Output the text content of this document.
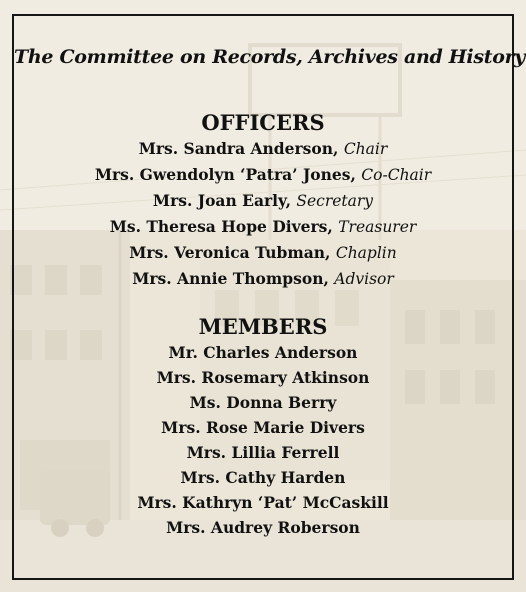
The Committee on Records, Archives and History
OFFICERS
Mrs. Sandra Anderson, Chair
Mrs. Gwendolyn ‘Patra’ Jones, Co-Chair
Mrs. Joan Early, Secretary
Ms. Theresa Hope Divers, Treasurer
Mrs. Veronica Tubman, Chaplin
Mrs. Annie Thompson, Advisor
MEMBERS
Mr. Charles Anderson
Mrs. Rosemary Atkinson
Ms. Donna Berry
Mrs. Rose Marie Divers
Mrs. Lillia Ferrell
Mrs. Cathy Harden
Mrs. Kathryn ‘Pat’ McCaskill
Mrs. Audrey Roberson
